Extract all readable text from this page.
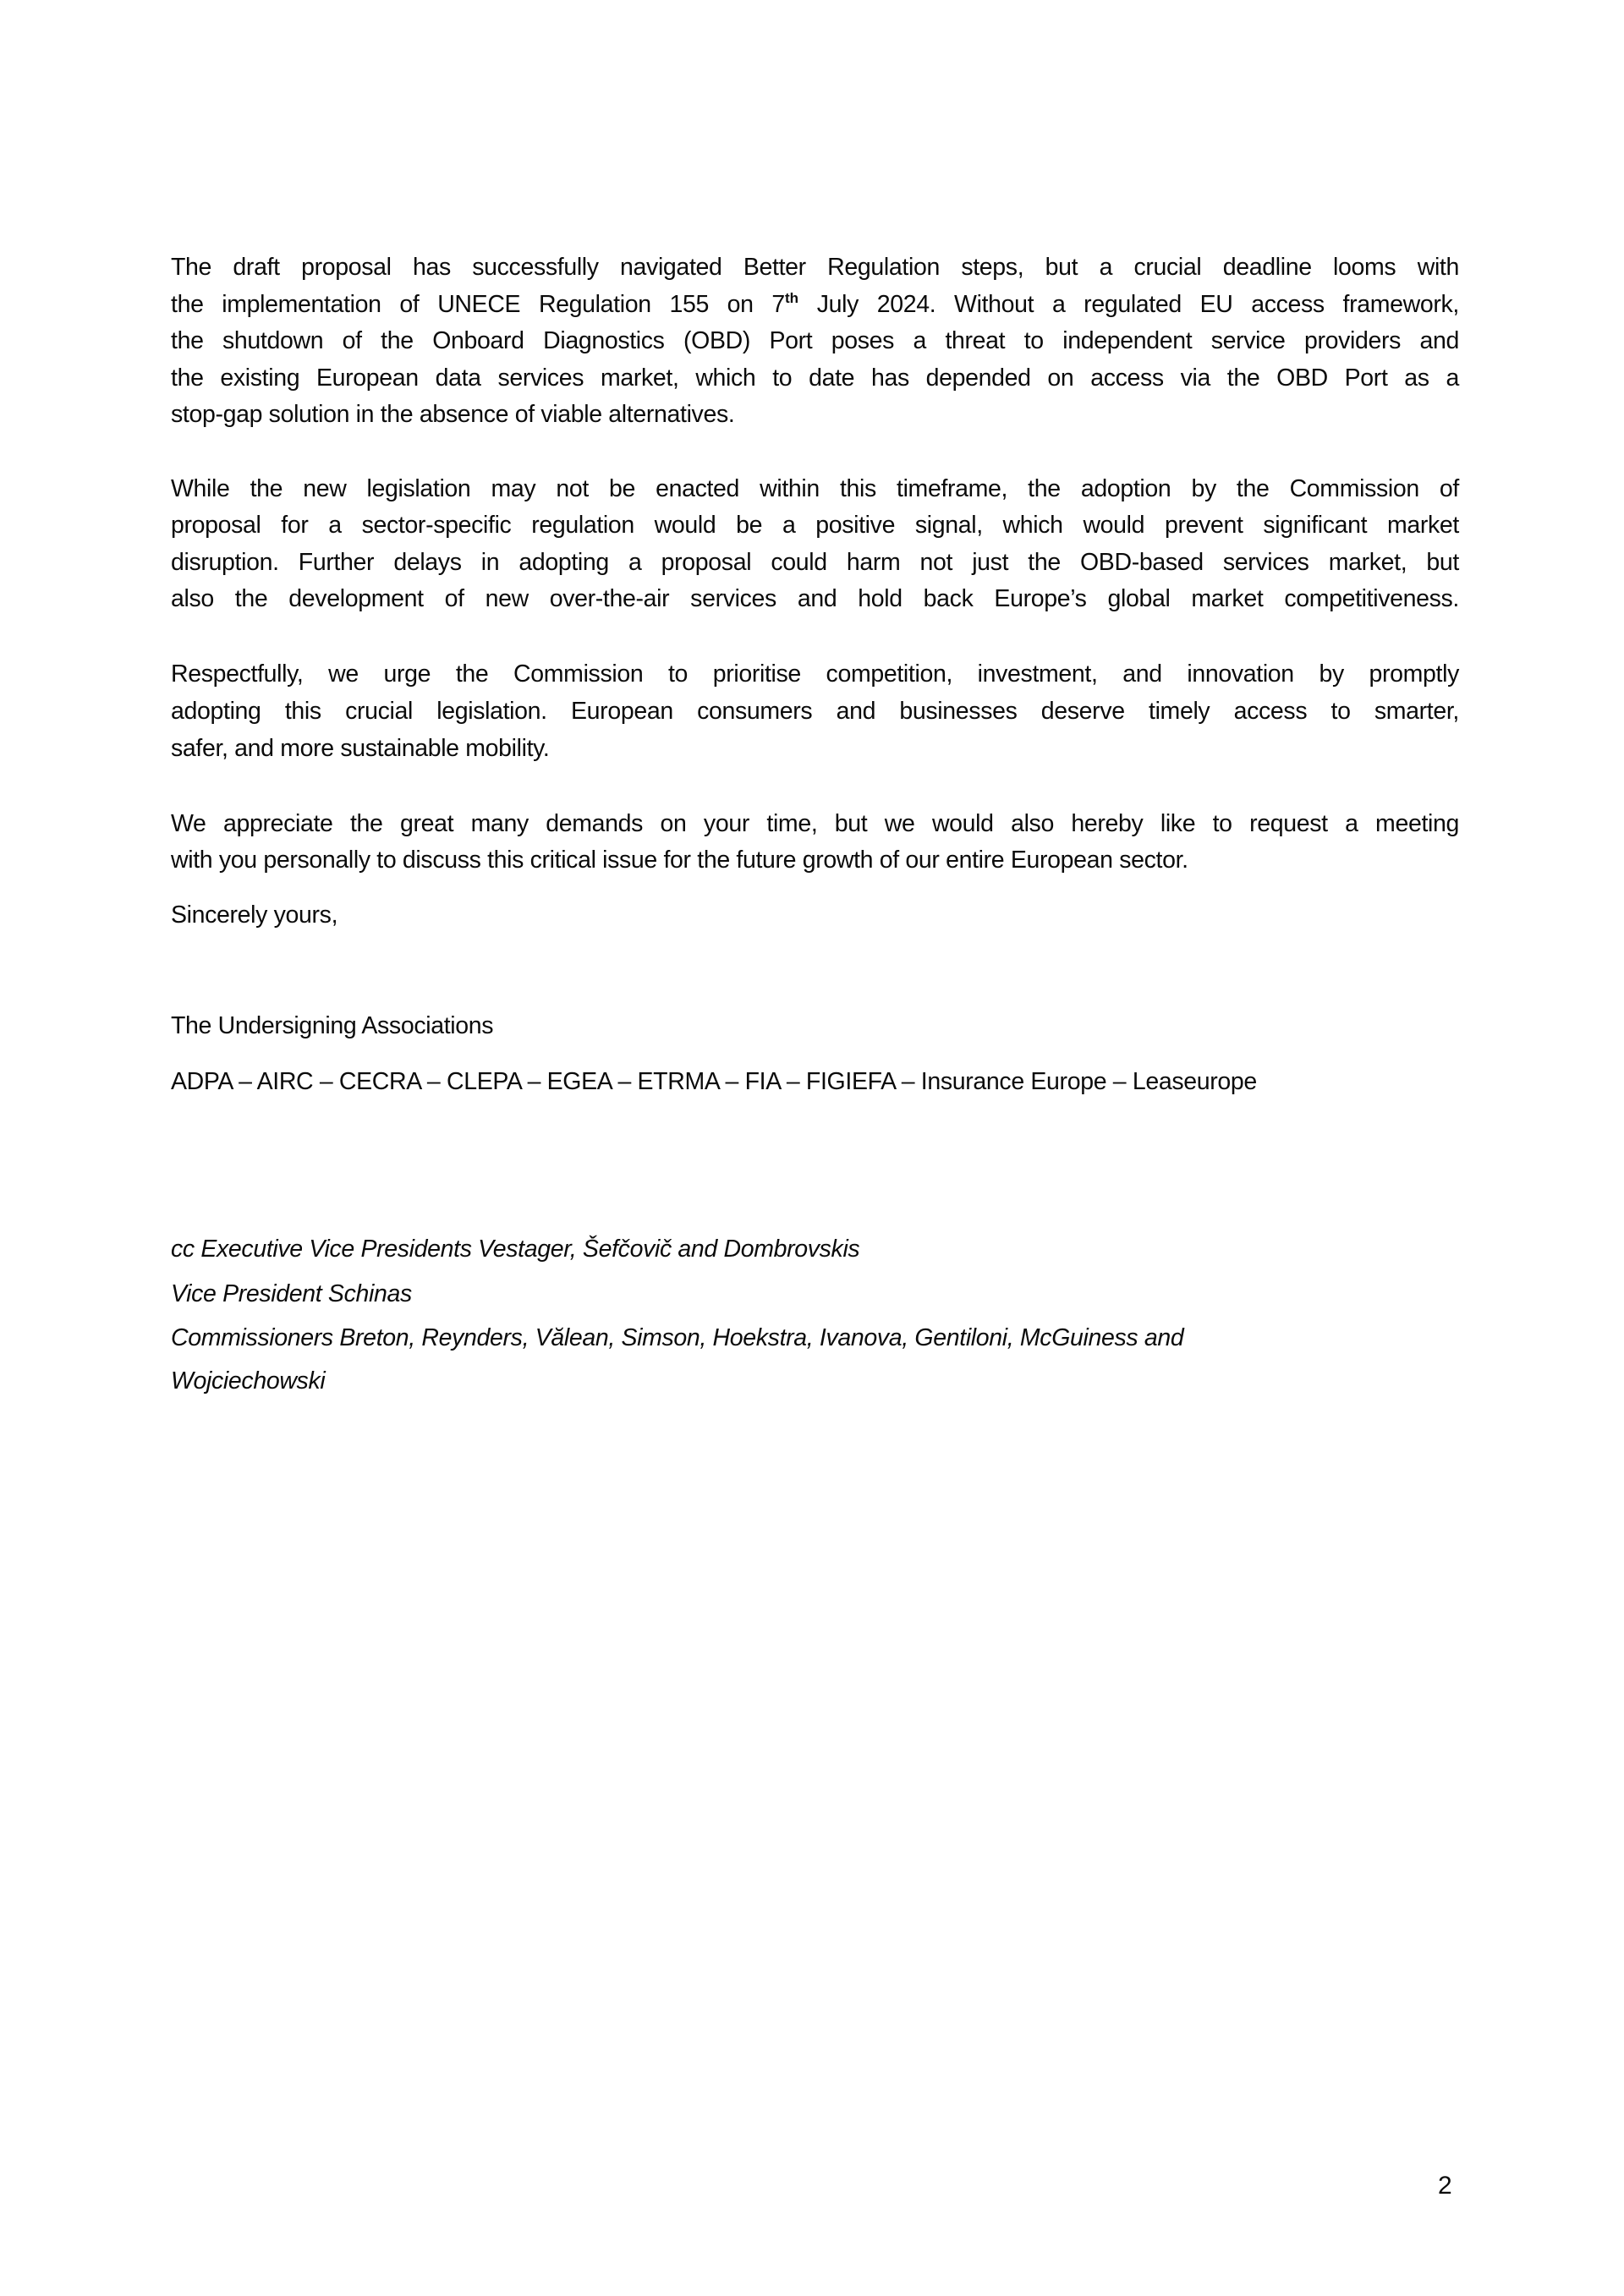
The draft proposal has successfully navigated Better Regulation steps, but a crucial deadline looms with
the implementation of UNECE Regulation 155 on 7th July 2024. Without a regulated EU access framework,
the shutdown of the Onboard Diagnostics (OBD) Port poses a threat to independent service providers and
the existing European data services market, which to date has depended on access via the OBD Port as a
stop-gap solution in the absence of viable alternatives.
While the new legislation may not be enacted within this timeframe, the adoption by the Commission of
proposal for a sector-specific regulation would be a positive signal, which would prevent significant market
disruption. Further delays in adopting a proposal could harm not just the OBD-based services market, but
also the development of new over-the-air services and hold back Europe’s global market competitiveness.
Respectfully, we urge the Commission to prioritise competition, investment, and innovation by promptly
adopting this crucial legislation. European consumers and businesses deserve timely access to smarter,
safer, and more sustainable mobility.
We appreciate the great many demands on your time, but we would also hereby like to request a meeting
with you personally to discuss this critical issue for the future growth of our entire European sector.
Sincerely yours,
The Undersigning Associations
ADPA – AIRC – CECRA – CLEPA – EGEA – ETRMA – FIA – FIGIEFA – Insurance Europe – Leaseurope
cc Executive Vice Presidents Vestager, Šefčovič and Dombrovskis
Vice President Schinas
Commissioners Breton, Reynders, Vălean, Simson, Hoekstra, Ivanova, Gentiloni, McGuiness and
Wojciechowski
2
